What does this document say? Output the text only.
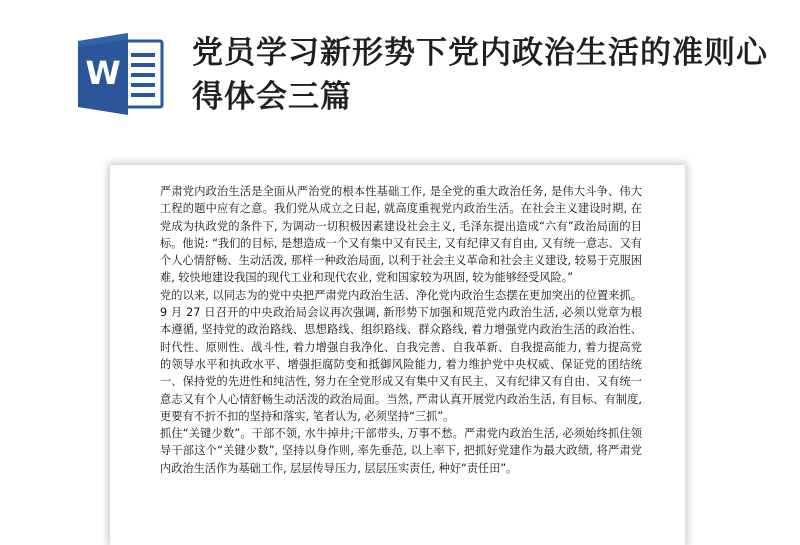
W
党员学习新形势下党内政治生活的准则心得体会三篇

严肃党内政治生活是全面从严治党的根本性基础工作, 是全党的重大政治任务, 是伟大斗争、伟大工程的题中应有之意。我们党从成立之日起, 就高度重视党内政治生活。在社会主义建设时期, 在党成为执政党的条件下, 为调动一切积极因素建设社会主义, 毛泽东提出造成“六有”政治局面的目标。他说: “我们的目标, 是想造成一个又有集中又有民主, 又有纪律又有自由, 又有统一意志、又有个人心情舒畅、生动活泼, 那样一种政治局面, 以利于社会主义革命和社会主义建设, 较易于克服困难, 较快地建设我国的现代工业和现代农业, 党和国家较为巩固, 较为能够经受风险。”

党的以来, 以同志为的党中央把严肃党内政治生活、净化党内政治生态摆在更加突出的位置来抓。9 月 27 日召开的中央政治局会议再次强调, 新形势下加强和规范党内政治生活, 必须以党章为根本遵循, 坚持党的政治路线、思想路线、组织路线、群众路线, 着力增强党内政治生活的政治性、时代性、原则性、战斗性, 着力增强自我净化、自我完善、自我革新、自我提高能力, 着力提高党的领导水平和执政水平、增强拒腐防变和抵御风险能力, 着力维护党中央权威、保证党的团结统一、保持党的先进性和纯洁性, 努力在全党形成又有集中又有民主、又有纪律又有自由、又有统一意志又有个人心情舒畅生动活泼的政治局面。当然, 严肃认真开展党内政治生活, 有目标、有制度, 更要有不折不扣的坚持和落实, 笔者认为, 必须坚持“三抓”。

抓住“关键少数”。干部不领, 水牛掉井;干部带头, 万事不愁。严肃党内政治生活, 必须始终抓住领导干部这个“关键少数”, 坚持以身作则, 率先垂范, 以上率下, 把抓好党建作为最大政绩, 将严肃党内政治生活作为基础工作, 层层传导压力, 层层压实责任, 种好“责任田”。
